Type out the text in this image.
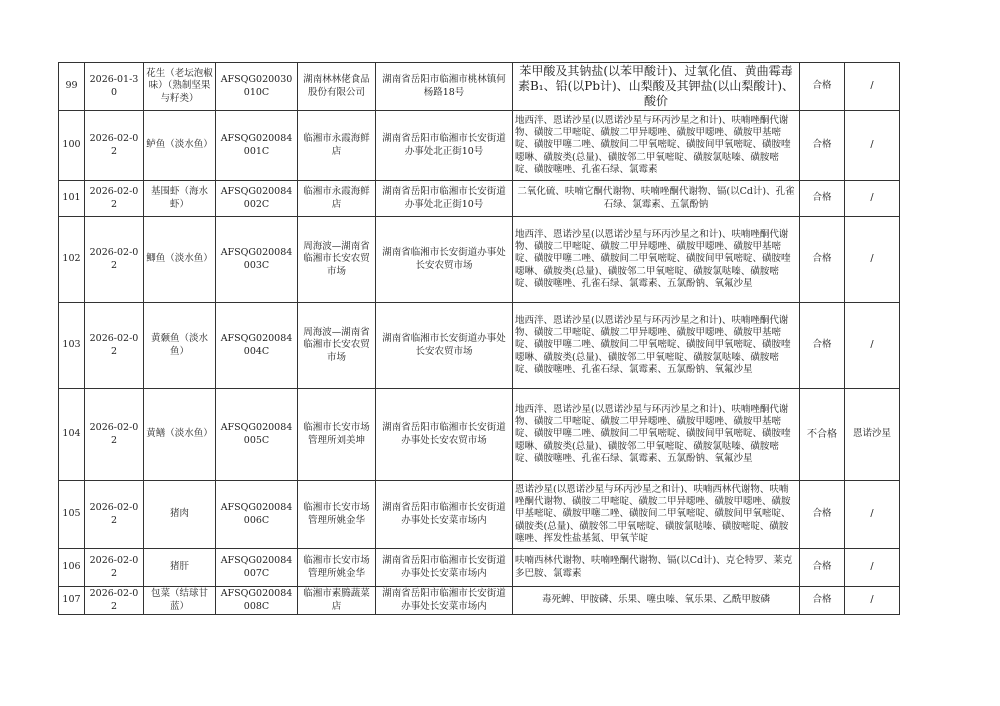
99	2026-01-30	花生（老坛泡椒味）（熟制坚果与籽类）	AFSQG020030010C	湖南林林佬食品股份有限公司	湖南省岳阳市临湘市桃林镇何杨路18号	苯甲酸及其钠盐(以苯甲酸计)、过氧化值、黄曲霉毒素B₁、铅(以Pb计)、山梨酸及其钾盐(以山梨酸计)、酸价	合格	/
100	2026-02-02	鲈鱼（淡水鱼）	AFSQG020084001C	临湘市永霞海鲜店	湖南省岳阳市临湘市长安街道办事处北正街10号	地西泮、恩诺沙星(以恩诺沙星与环丙沙星之和计)、呋喃唑酮代谢物、磺胺二甲嘧啶、磺胺二甲异噁唑、磺胺甲噁唑、磺胺甲基嘧啶、磺胺甲噻二唑、磺胺间二甲氧嘧啶、磺胺间甲氧嘧啶、磺胺喹噁啉、磺胺类(总量)、磺胺邻二甲氧嘧啶、磺胺氯哒嗪、磺胺嘧啶、磺胺噻唑、孔雀石绿、氯霉素	合格	/
101	2026-02-02	基围虾（海水虾）	AFSQG020084002C	临湘市永霞海鲜店	湖南省岳阳市临湘市长安街道办事处北正街10号	二氧化硫、呋喃它酮代谢物、呋喃唑酮代谢物、镉(以Cd计)、孔雀石绿、氯霉素、五氯酚钠	合格	/
102	2026-02-02	鲫鱼（淡水鱼）	AFSQG020084003C	周海波—湖南省临湘市长安农贸市场	湖南省临湘市长安街道办事处长安农贸市场	地西泮、恩诺沙星(以恩诺沙星与环丙沙星之和计)、呋喃唑酮代谢物、磺胺二甲嘧啶、磺胺二甲异噁唑、磺胺甲噁唑、磺胺甲基嘧啶、磺胺甲噻二唑、磺胺间二甲氧嘧啶、磺胺间甲氧嘧啶、磺胺喹噁啉、磺胺类(总量)、磺胺邻二甲氧嘧啶、磺胺氯哒嗪、磺胺嘧啶、磺胺噻唑、孔雀石绿、氯霉素、五氯酚钠、氧氟沙星	合格	/
103	2026-02-02	黄颡鱼（淡水鱼）	AFSQG020084004C	周海波—湖南省临湘市长安农贸市场	湖南省临湘市长安街道办事处长安农贸市场	地西泮、恩诺沙星(以恩诺沙星与环丙沙星之和计)、呋喃唑酮代谢物、磺胺二甲嘧啶、磺胺二甲异噁唑、磺胺甲噁唑、磺胺甲基嘧啶、磺胺甲噻二唑、磺胺间二甲氧嘧啶、磺胺间甲氧嘧啶、磺胺喹噁啉、磺胺类(总量)、磺胺邻二甲氧嘧啶、磺胺氯哒嗪、磺胺嘧啶、磺胺噻唑、孔雀石绿、氯霉素、五氯酚钠、氧氟沙星	合格	/
104	2026-02-02	黄鳝（淡水鱼）	AFSQG020084005C	临湘市长安市场管理所刘美坤	湖南省岳阳市临湘市长安街道办事处长安农贸市场	地西泮、恩诺沙星(以恩诺沙星与环丙沙星之和计)、呋喃唑酮代谢物、磺胺二甲嘧啶、磺胺二甲异噁唑、磺胺甲噁唑、磺胺甲基嘧啶、磺胺甲噻二唑、磺胺间二甲氧嘧啶、磺胺间甲氧嘧啶、磺胺喹噁啉、磺胺类(总量)、磺胺邻二甲氧嘧啶、磺胺氯哒嗪、磺胺嘧啶、磺胺噻唑、孔雀石绿、氯霉素、五氯酚钠、氧氟沙星	不合格	恩诺沙星
105	2026-02-02	猪肉	AFSQG020084006C	临湘市长安市场管理所姚金华	湖南省岳阳市临湘市长安街道办事处长安菜市场内	恩诺沙星(以恩诺沙星与环丙沙星之和计)、呋喃西林代谢物、呋喃唑酮代谢物、磺胺二甲嘧啶、磺胺二甲异噁唑、磺胺甲噁唑、磺胺甲基嘧啶、磺胺甲噻二唑、磺胺间二甲氧嘧啶、磺胺间甲氧嘧啶、磺胺类(总量)、磺胺邻二甲氧嘧啶、磺胺氯哒嗪、磺胺嘧啶、磺胺噻唑、挥发性盐基氮、甲氧苄啶	合格	/
106	2026-02-02	猪肝	AFSQG020084007C	临湘市长安市场管理所姚金华	湖南省岳阳市临湘市长安街道办事处长安菜市场内	呋喃西林代谢物、呋喃唑酮代谢物、镉(以Cd计)、克仑特罗、莱克多巴胺、氯霉素	合格	/
107	2026-02-02	包菜（结球甘蓝）	AFSQG020084008C	临湘市素腾蔬菜店	湖南省岳阳市临湘市长安街道办事处长安菜市场内	毒死蜱、甲胺磷、乐果、噻虫嗪、氧乐果、乙酰甲胺磷	合格	/
